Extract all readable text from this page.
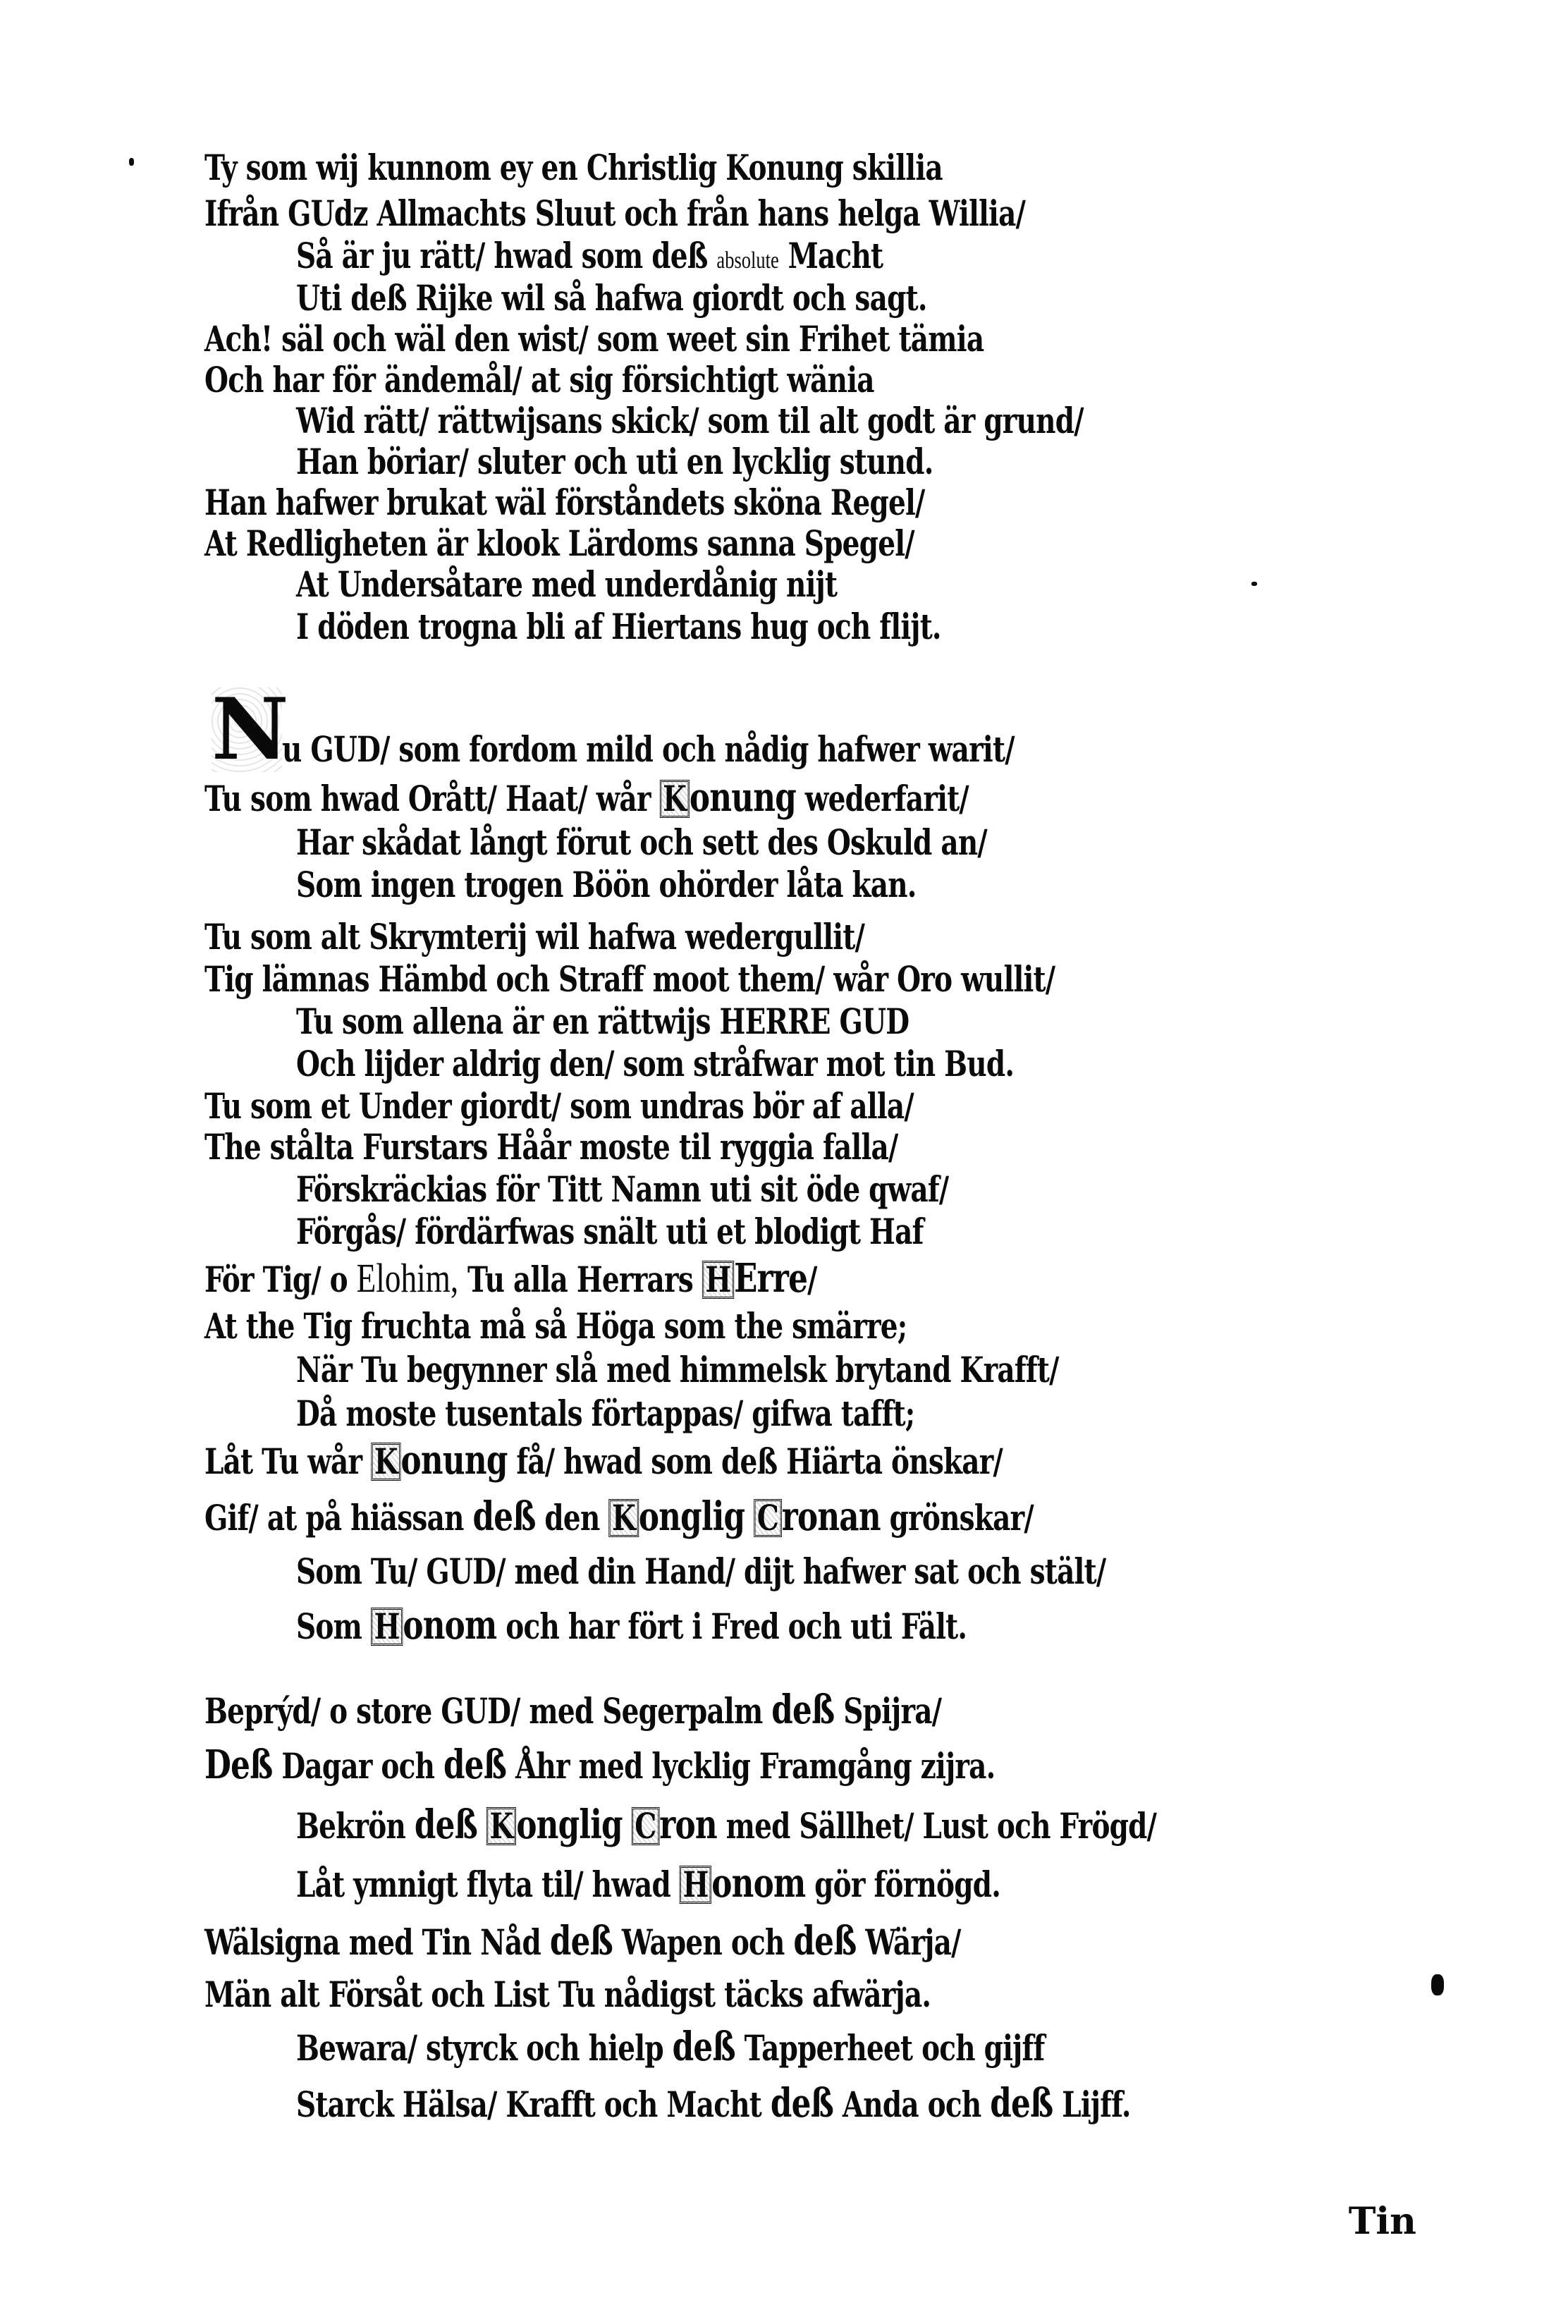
Ty som wij kunnom ey en Christlig Konung skillia
Ifrån GUdz Allmachts Sluut och från hans helga Willia/
Så är ju rätt/ hwad som deß absolute Macht
Uti deß Rijke wil så hafwa giordt och sagt.
Ach! säl och wäl den wist/ som weet sin Frihet tämia
Och har för ändemål/ at sig försichtigt wänia
Wid rätt/ rättwijsans skick/ som til alt godt är grund/
Han böriar/ sluter och uti en lycklig stund.
Han hafwer brukat wäl förståndets sköna Regel/
At Redligheten är klook Lärdoms sanna Spegel/
At Undersåtare med underdånig nijt
I döden trogna bli af Hiertans hug och flijt.
N
u GUD/ som fordom mild och nådig hafwer warit/
Tu som hwad Orått/ Haat/ wår Konung wederfarit/
Har skådat långt förut och sett des Oskuld an/
Som ingen trogen Böön ohörder låta kan.
Tu som alt Skrymterij wil hafwa wedergullit/
Tig lämnas Hämbd och Straff moot them/ wår Oro wullit/
Tu som allena är en rättwijs HERRE GUD
Och lijder aldrig den/ som stråfwar mot tin Bud.
Tu som et Under giordt/ som undras bör af alla/
The stålta Furstars Håår moste til ryggia falla/
Förskräckias för Titt Namn uti sit öde qwaf/
Förgås/ fördärfwas snält uti et blodigt Haf
För Tig/ o Elohim, Tu alla Herrars HErre/
At the Tig fruchta må så Höga som the smärre;
När Tu begynner slå med himmelsk brytand Krafft/
Då moste tusentals förtappas/ gifwa tafft;
Låt Tu wår Konung få/ hwad som deß Hiärta önskar/
Gif/ at på hiässan deß den Konglig Cronan grönskar/
Som Tu/ GUD/ med din Hand/ dijt hafwer sat och stält/
Som Honom och har fört i Fred och uti Fält.
Beprýd/ o store GUD/ med Segerpalm deß Spijra/
Deß Dagar och deß Åhr med lycklig Framgång zijra.
Bekrön deß Konglig Cron med Sällhet/ Lust och Frögd/
Låt ymnigt flyta til/ hwad Honom gör förnögd.
Wälsigna med Tin Nåd deß Wapen och deß Wärja/
Män alt Försåt och List Tu nådigst täcks afwärja.
Bewara/ styrck och hielp deß Tapperheet och gijff
Starck Hälsa/ Krafft och Macht deß Anda och deß Lijff.
Tin
